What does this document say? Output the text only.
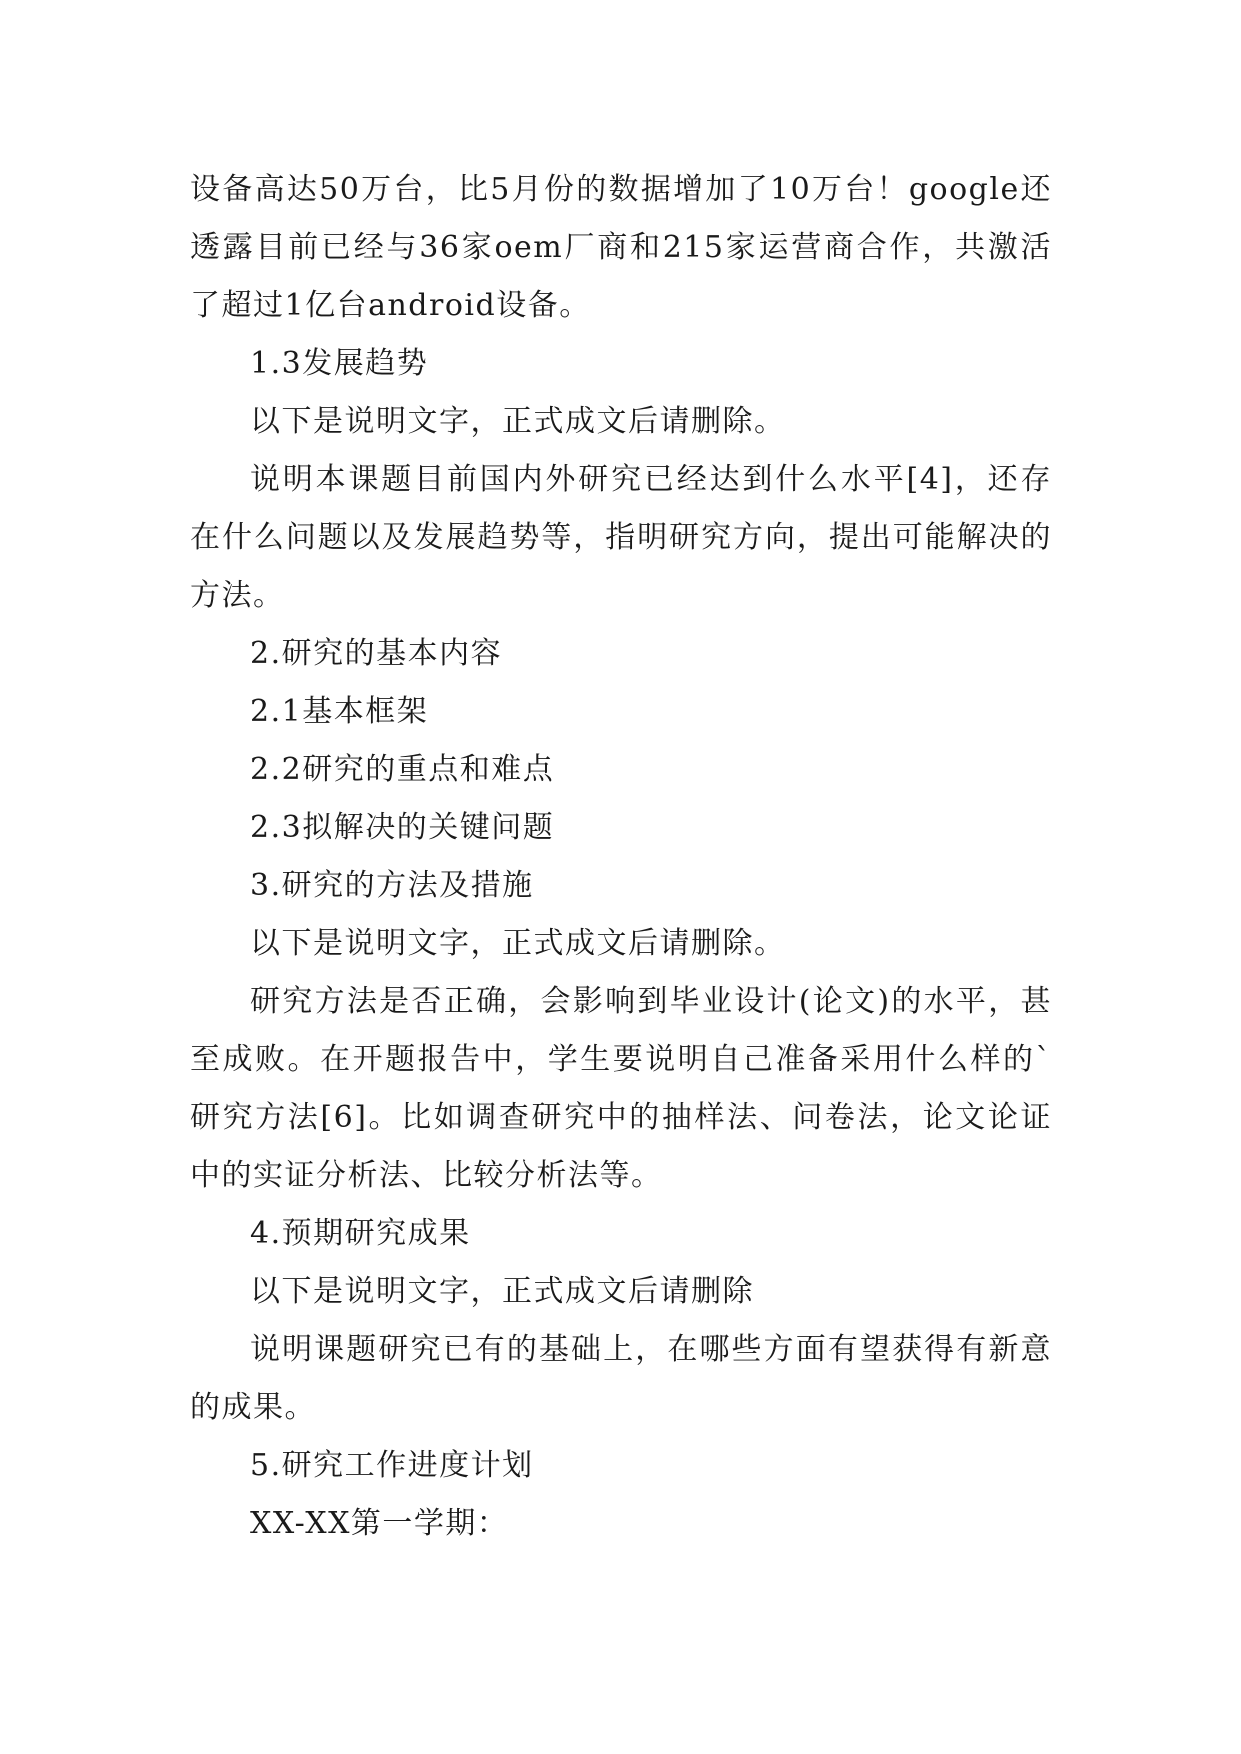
设备高达50万台，比5月份的数据增加了10万台！google还透露目前已经与36家oem厂商和215家运营商合作，共激活了超过1亿台android设备。

1.3发展趋势

以下是说明文字，正式成文后请删除。

说明本课题目前国内外研究已经达到什么水平[4]，还存在什么问题以及发展趋势等，指明研究方向，提出可能解决的方法。

2.研究的基本内容

2.1基本框架

2.2研究的重点和难点

2.3拟解决的关键问题

3.研究的方法及措施

以下是说明文字，正式成文后请删除。

研究方法是否正确，会影响到毕业设计(论文)的水平，甚至成败。在开题报告中，学生要说明自己准备采用什么样的`研究方法[6]。比如调查研究中的抽样法、问卷法，论文论证中的实证分析法、比较分析法等。

4.预期研究成果

以下是说明文字，正式成文后请删除

说明课题研究已有的基础上，在哪些方面有望获得有新意的成果。

5.研究工作进度计划

XX-XX第一学期：
